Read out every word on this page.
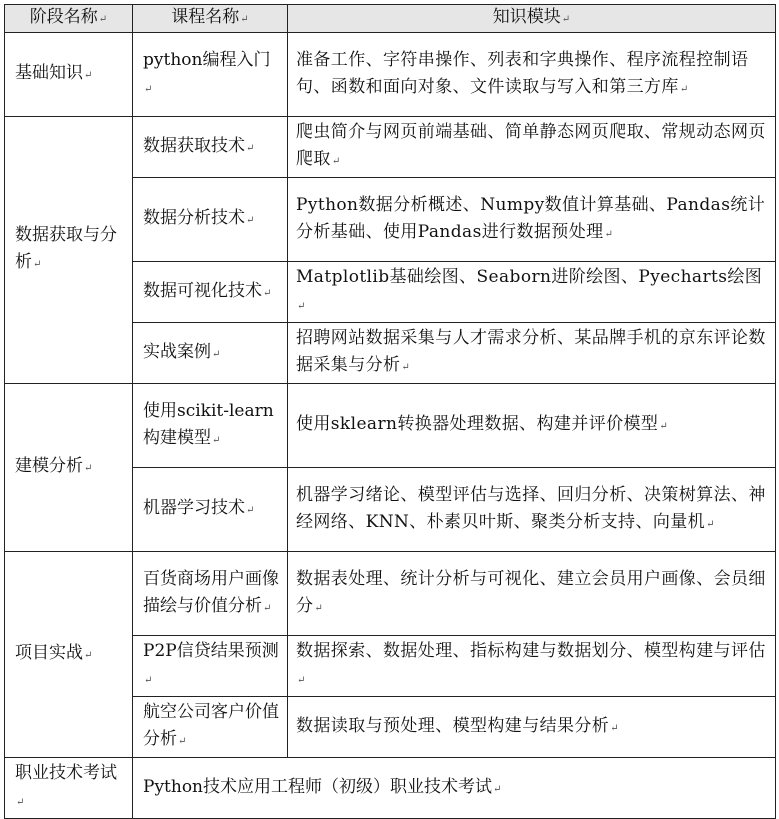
阶段名称↵	课程名称↵	知识模块↵
基础知识↵	python编程入门↵	准备工作、字符串操作、列表和字典操作、程序流程控制语句、函数和面向对象、文件读取与写入和第三方库↵
数据获取与分析↵	数据获取技术↵	爬虫简介与网页前端基础、简单静态网页爬取、常规动态网页爬取↵
	数据分析技术↵	Python数据分析概述、Numpy数值计算基础、Pandas统计分析基础、使用Pandas进行数据预处理↵
	数据可视化技术↵	Matplotlib基础绘图、Seaborn进阶绘图、Pyecharts绘图↵
	实战案例↵	招聘网站数据采集与人才需求分析、某品牌手机的京东评论数据采集与分析↵
建模分析↵	使用scikit-learn构建模型↵	使用sklearn转换器处理数据、构建并评价模型↵
	机器学习技术↵	机器学习绪论、模型评估与选择、回归分析、决策树算法、神经网络、KNN、朴素贝叶斯、聚类分析支持、向量机↵
项目实战↵	百货商场用户画像描绘与价值分析↵	数据表处理、统计分析与可视化、建立会员用户画像、会员细分↵
	P2P信贷结果预测↵	数据探索、数据处理、指标构建与数据划分、模型构建与评估↵
	航空公司客户价值分析↵	数据读取与预处理、模型构建与结果分析↵
职业技术考试↵	Python技术应用工程师（初级）职业技术考试↵	
